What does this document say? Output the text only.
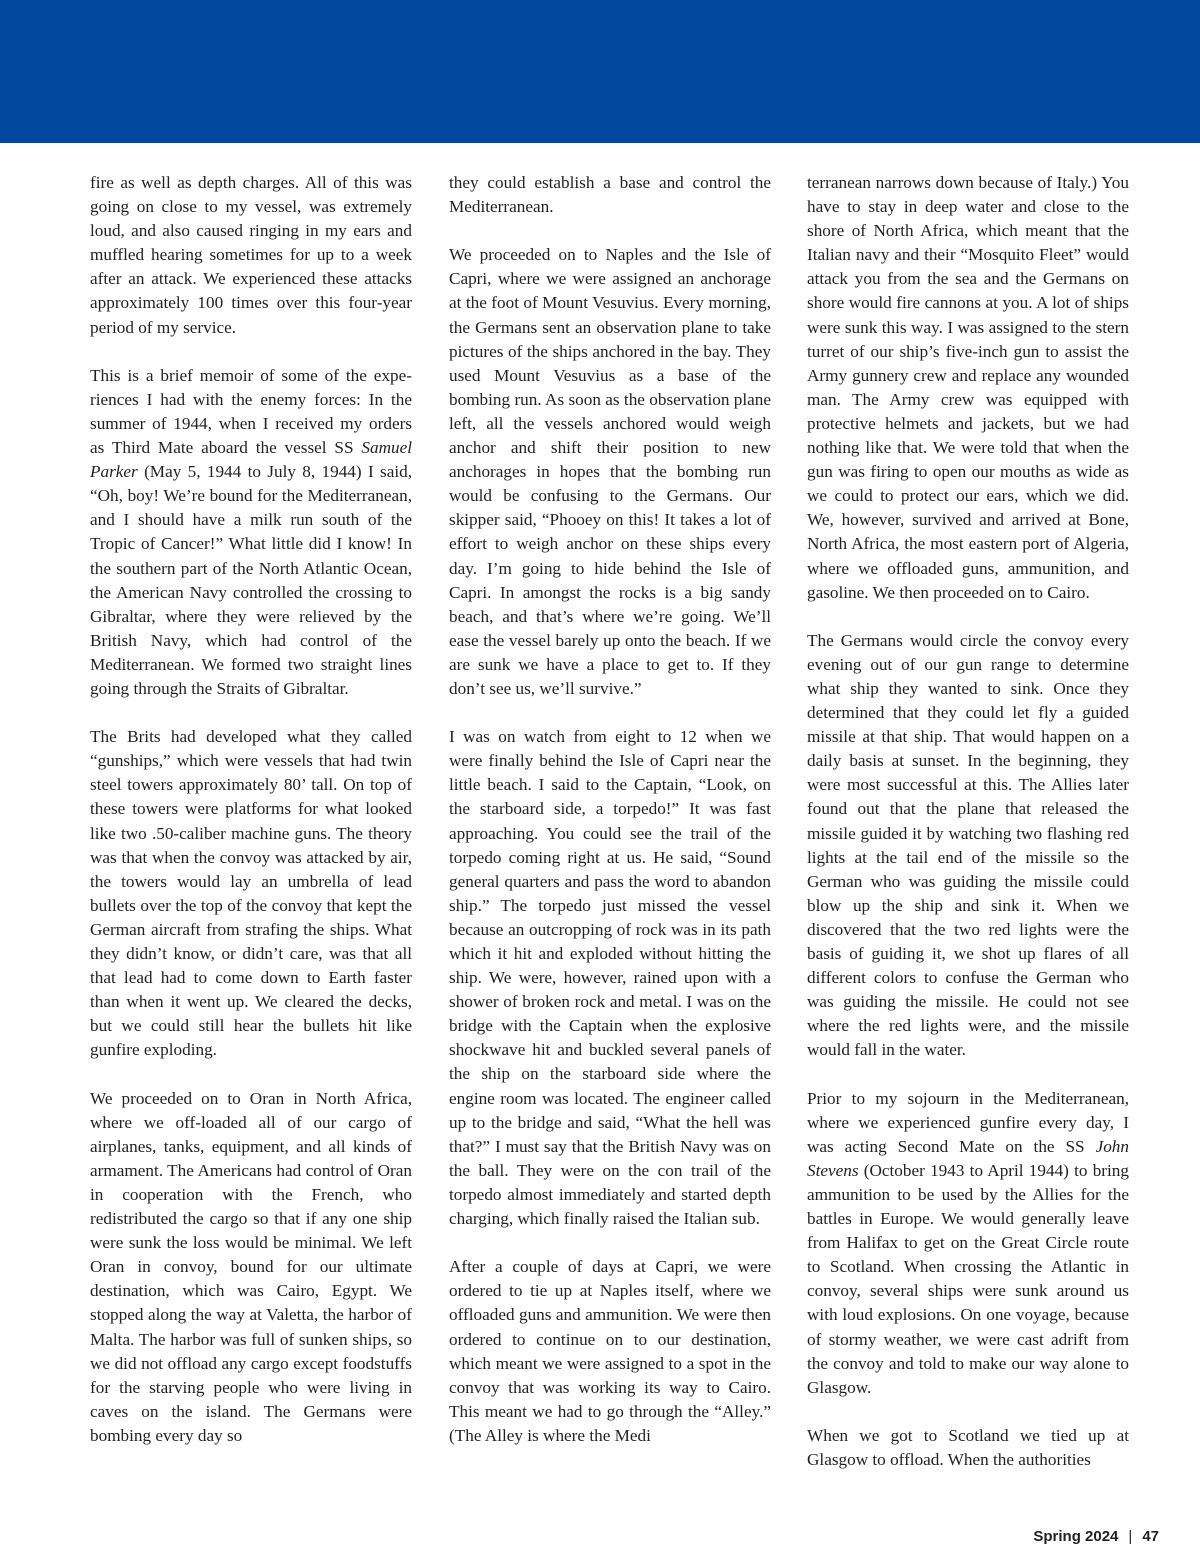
fire as well as depth charges. All of this was going on close to my vessel, was extremely loud, and also caused ringing in my ears and muffled hearing sometimes for up to a week after an attack. We experienced these attacks approximately 100 times over this four-year period of my service.

This is a brief memoir of some of the experiences I had with the enemy forces: In the summer of 1944, when I received my orders as Third Mate aboard the vessel SS Samuel Parker (May 5, 1944 to July 8, 1944) I said, “Oh, boy! We’re bound for the Mediterranean, and I should have a milk run south of the Tropic of Cancer!” What little did I know! In the southern part of the North Atlantic Ocean, the American Navy controlled the crossing to Gibraltar, where they were relieved by the British Navy, which had control of the Mediterranean. We formed two straight lines going through the Straits of Gibraltar.

The Brits had developed what they called “gunships,” which were vessels that had twin steel towers approximately 80’ tall. On top of these towers were platforms for what looked like two .50-caliber machine guns. The theory was that when the convoy was attacked by air, the towers would lay an umbrella of lead bullets over the top of the convoy that kept the German aircraft from strafing the ships. What they didn’t know, or didn’t care, was that all that lead had to come down to Earth faster than when it went up. We cleared the decks, but we could still hear the bullets hit like gunfire exploding.

We proceeded on to Oran in North Africa, where we off-loaded all of our cargo of airplanes, tanks, equipment, and all kinds of armament. The Americans had control of Oran in cooperation with the French, who redistributed the cargo so that if any one ship were sunk the loss would be minimal. We left Oran in convoy, bound for our ultimate destination, which was Cairo, Egypt. We stopped along the way at Valetta, the harbor of Malta. The harbor was full of sunken ships, so we did not offload any cargo except foodstuffs for the starving people who were living in caves on the island. The Germans were bombing every day so

they could establish a base and control the Mediterranean.

We proceeded on to Naples and the Isle of Capri, where we were assigned an anchorage at the foot of Mount Vesuvius. Every morning, the Germans sent an observation plane to take pictures of the ships anchored in the bay. They used Mount Vesuvius as a base of the bombing run. As soon as the observation plane left, all the vessels anchored would weigh anchor and shift their position to new anchorages in hopes that the bombing run would be confusing to the Germans. Our skipper said, “Phooey on this! It takes a lot of effort to weigh anchor on these ships every day. I’m going to hide behind the Isle of Capri. In amongst the rocks is a big sandy beach, and that’s where we’re going. We’ll ease the vessel barely up onto the beach. If we are sunk we have a place to get to. If they don’t see us, we’ll survive.”

I was on watch from eight to 12 when we were finally behind the Isle of Capri near the little beach. I said to the Captain, “Look, on the starboard side, a torpedo!” It was fast approaching. You could see the trail of the torpedo coming right at us. He said, “Sound general quarters and pass the word to abandon ship.” The torpedo just missed the vessel because an outcropping of rock was in its path which it hit and exploded without hitting the ship. We were, however, rained upon with a shower of broken rock and metal. I was on the bridge with the Captain when the explosive shockwave hit and buckled several panels of the ship on the starboard side where the engine room was located. The engineer called up to the bridge and said, “What the hell was that?” I must say that the British Navy was on the ball. They were on the con trail of the torpedo almost immediately and started depth charging, which finally raised the Italian sub.

After a couple of days at Capri, we were ordered to tie up at Naples itself, where we offloaded guns and ammunition. We were then ordered to continue on to our destination, which meant we were assigned to a spot in the convoy that was working its way to Cairo. This meant we had to go through the “Alley.” (The Alley is where the Medi

terranean narrows down because of Italy.) You have to stay in deep water and close to the shore of North Africa, which meant that the Italian navy and their “Mosquito Fleet” would attack you from the sea and the Germans on shore would fire cannons at you. A lot of ships were sunk this way. I was assigned to the stern turret of our ship’s five-inch gun to assist the Army gunnery crew and replace any wounded man. The Army crew was equipped with protective helmets and jackets, but we had nothing like that. We were told that when the gun was firing to open our mouths as wide as we could to protect our ears, which we did. We, however, survived and arrived at Bone, North Africa, the most eastern port of Algeria, where we offloaded guns, ammunition, and gasoline. We then proceeded on to Cairo.

The Germans would circle the convoy every evening out of our gun range to determine what ship they wanted to sink. Once they determined that they could let fly a guided missile at that ship. That would happen on a daily basis at sunset. In the beginning, they were most successful at this. The Allies later found out that the plane that released the missile guided it by watching two flashing red lights at the tail end of the missile so the German who was guiding the missile could blow up the ship and sink it. When we discovered that the two red lights were the basis of guiding it, we shot up flares of all different colors to confuse the German who was guiding the missile. He could not see where the red lights were, and the missile would fall in the water.

Prior to my sojourn in the Mediterranean, where we experienced gunfire every day, I was acting Second Mate on the SS John Stevens (October 1943 to April 1944) to bring ammunition to be used by the Allies for the battles in Europe. We would generally leave from Halifax to get on the Great Circle route to Scotland. When crossing the Atlantic in convoy, several ships were sunk around us with loud explosions. On one voyage, because of stormy weather, we were cast adrift from the convoy and told to make our way alone to Glasgow.

When we got to Scotland we tied up at Glasgow to offload. When the authorities

Spring 2024 | 47
